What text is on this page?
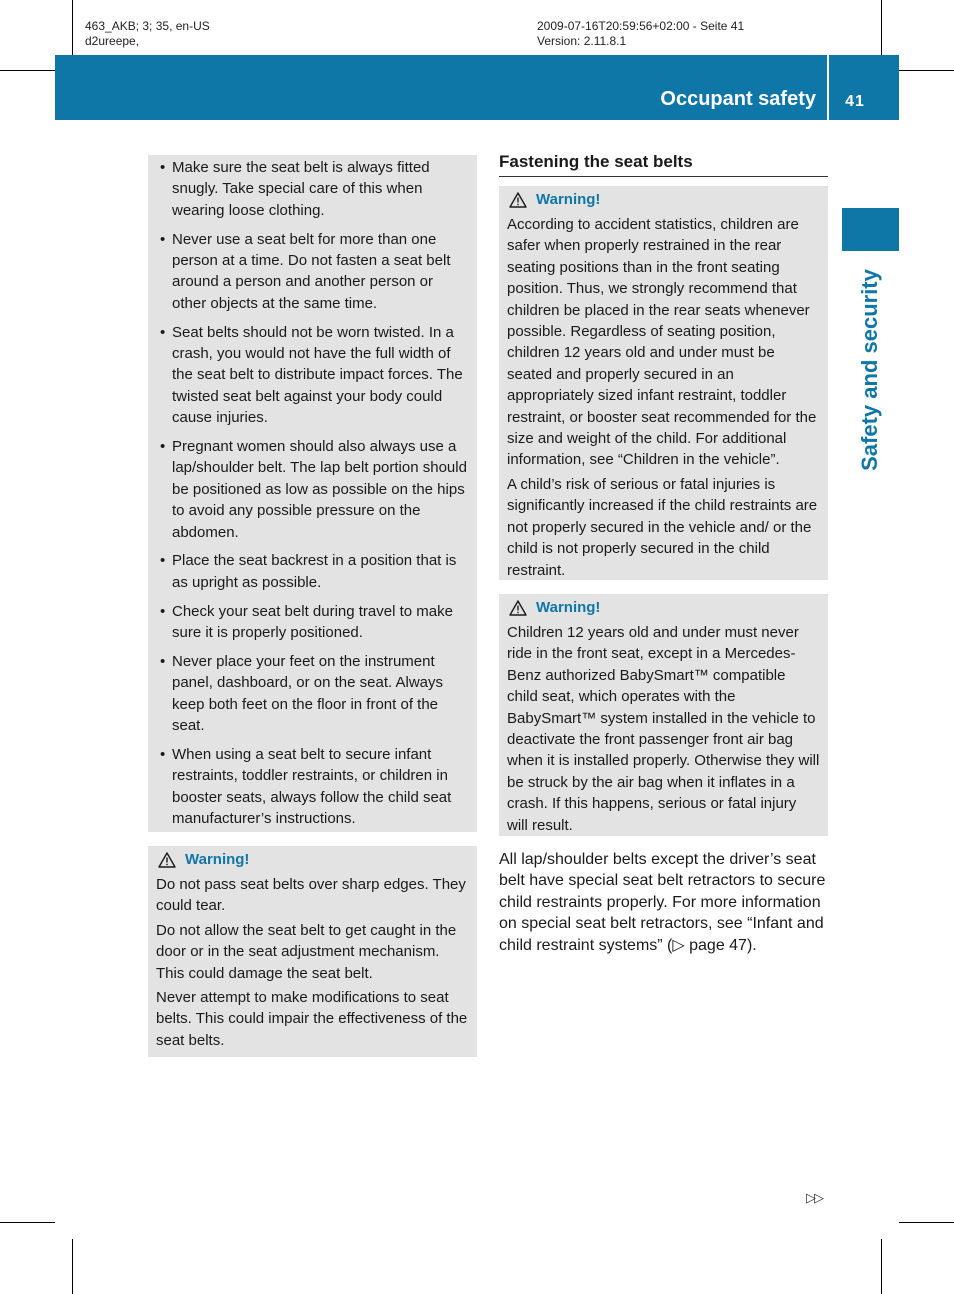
463_AKB; 3; 35, en-US
d2ureepe,
2009-07-16T20:59:56+02:00 - Seite 41
Version: 2.11.8.1
Occupant safety	41
Safety and security
• Make sure the seat belt is always fitted snugly. Take special care of this when wearing loose clothing.
• Never use a seat belt for more than one person at a time. Do not fasten a seat belt around a person and another person or other objects at the same time.
• Seat belts should not be worn twisted. In a crash, you would not have the full width of the seat belt to distribute impact forces. The twisted seat belt against your body could cause injuries.
• Pregnant women should also always use a lap/shoulder belt. The lap belt portion should be positioned as low as possible on the hips to avoid any possible pressure on the abdomen.
• Place the seat backrest in a position that is as upright as possible.
• Check your seat belt during travel to make sure it is properly positioned.
• Never place your feet on the instrument panel, dashboard, or on the seat. Always keep both feet on the floor in front of the seat.
• When using a seat belt to secure infant restraints, toddler restraints, or children in booster seats, always follow the child seat manufacturer’s instructions.
Warning!

Do not pass seat belts over sharp edges. They could tear.

Do not allow the seat belt to get caught in the door or in the seat adjustment mechanism. This could damage the seat belt.

Never attempt to make modifications to seat belts. This could impair the effectiveness of the seat belts.

Fastening the seat belts
Warning!

According to accident statistics, children are safer when properly restrained in the rear seating positions than in the front seating position. Thus, we strongly recommend that children be placed in the rear seats whenever possible. Regardless of seating position, children 12 years old and under must be seated and properly secured in an appropriately sized infant restraint, toddler restraint, or booster seat recommended for the size and weight of the child. For additional information, see “Children in the vehicle”.

A child’s risk of serious or fatal injuries is significantly increased if the child restraints are not properly secured in the vehicle and/ or the child is not properly secured in the child restraint.

Warning!

Children 12 years old and under must never ride in the front seat, except in a Mercedes-Benz authorized BabySmart™ compatible child seat, which operates with the BabySmart™ system installed in the vehicle to deactivate the front passenger front air bag when it is installed properly. Otherwise they will be struck by the air bag when it inflates in a crash. If this happens, serious or fatal injury will result.

All lap/shoulder belts except the driver’s seat belt have special seat belt retractors to secure child restraints properly. For more information on special seat belt retractors, see “Infant and child restraint systems” (▷ page 47).
▷▷
